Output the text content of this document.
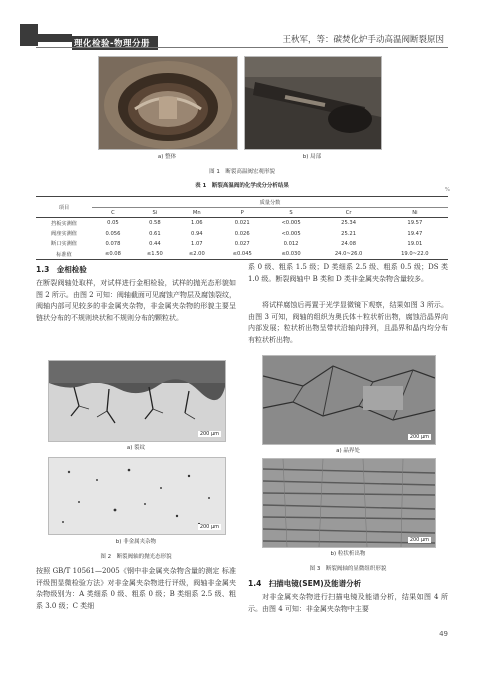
理化检验-物理分册	王秋军，等：碳焚化炉手动高温阀断裂原因
a) 整体	b) 局部
图 1　断裂高温阀宏观形貌
表 1　断裂高温阀的化学成分分析结果
%
项目	质量分数						
	C	Si	Mn	P	S	Cr	Ni
挡板实测值	0.05	0.58	1.06	0.021	<0.005	25.34	19.57
阀座实测值	0.056	0.61	0.94	0.026	<0.005	25.21	19.47
断口实测值	0.078	0.44	1.07	0.027	0.012	24.08	19.01
标准值	≤0.08	≤1.50	≤2.00	≤0.045	≤0.030	24.0~26.0	19.0~22.0
1.3　金相检验
在断裂阀轴处取样，对试样进行金相检验，试样的抛光态形貌如图 2 所示。由图 2 可知：阀轴截面可见腐蚀产物层及腐蚀裂纹，阀轴内部可见较多的非金属夹杂物，非金属夹杂物的形貌主要呈链状分布的不规则块状和不规则分布的颗粒状。
200 μm
a) 裂纹
200 μm
b) 非金属夹杂物
图 2　断裂阀轴的抛光态形貌
按照 GB/T 10561—2005《钢中非金属夹杂物含量的测定 标准评级图显微检验方法》对非金属夹杂物进行评级，阀轴非金属夹杂物级别为：A 类细系 0 级、粗系 0 级；B 类细系 2.5 级、粗系 3.0 级；C 类细
系 0 级、粗系 1.5 级；D 类细系 2.5 级、粗系 0.5 级；DS 类 1.0 级。断裂阀轴中 B 类和 D 类非金属夹杂物含量较多。
将试样腐蚀后再置于光学显微镜下观察，结果如图 3 所示。由图 3 可知，阀轴的组织为奥氏体＋粒状析出物，腐蚀沿晶界向内部发展；粒状析出物呈带状沿轴向排列，且晶界和晶内均分布有粒状析出物。
200 μm
a) 晶界处
200 μm
b) 粒状析出物
图 3　断裂阀轴的显微组织形貌
1.4　扫描电镜(SEM)及能谱分析
对非金属夹杂物进行扫描电镜及能谱分析，结果如图 4 所示。由图 4 可知：非金属夹杂物中主要
49
